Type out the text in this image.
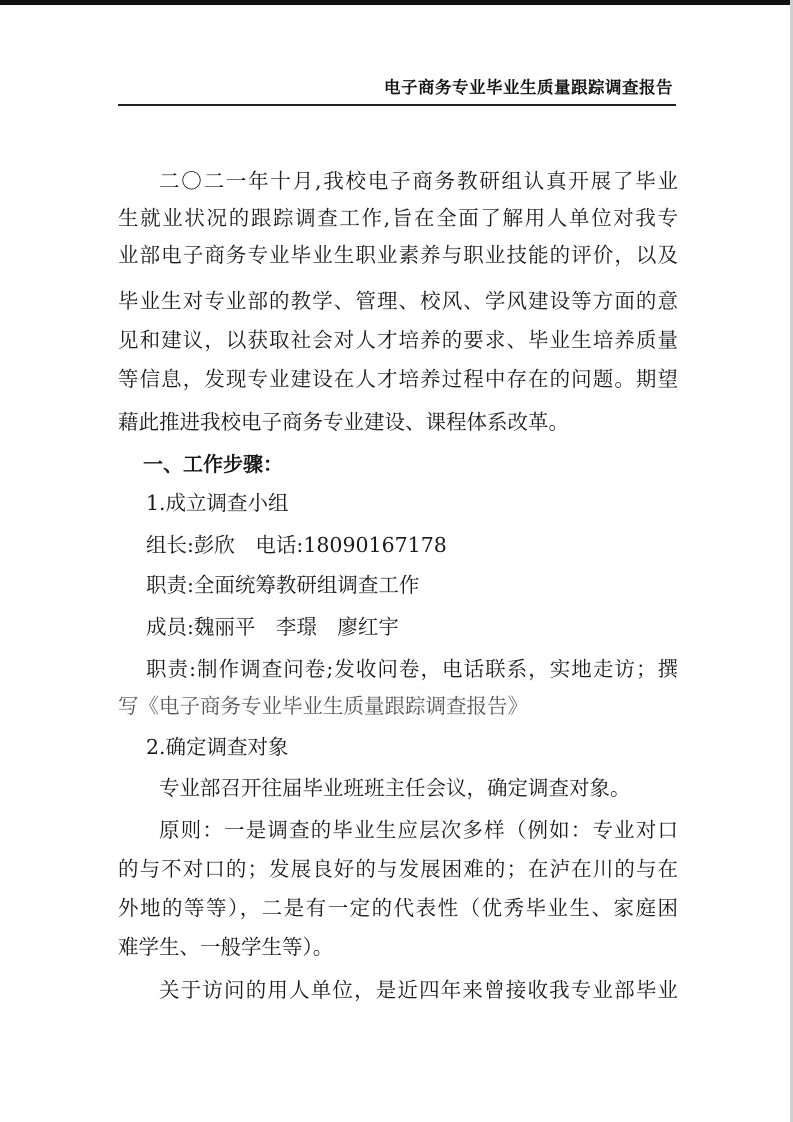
电子商务专业毕业生质量跟踪调查报告
二〇二一年十月,我校电子商务教研组认真开展了毕业
生就业状况的跟踪调查工作,旨在全面了解用人单位对我专
业部电子商务专业毕业生职业素养与职业技能的评价，以及
毕业生对专业部的教学、管理、校风、学风建设等方面的意
见和建议，以获取社会对人才培养的要求、毕业生培养质量
等信息，发现专业建设在人才培养过程中存在的问题。期望
藉此推进我校电子商务专业建设、课程体系改革。
一、工作步骤：
1.成立调查小组
组长:彭欣　电话:18090167178
职责:全面统筹教研组调查工作
成员:魏丽平　李璟　廖红宇
职责:制作调查问卷;发收问卷，电话联系，实地走访；撰
写《电子商务专业毕业生质量跟踪调查报告》
2.确定调查对象
专业部召开往届毕业班班主任会议，确定调查对象。
原则：一是调查的毕业生应层次多样（例如：专业对口
的与不对口的；发展良好的与发展困难的；在泸在川的与在
外地的等等），二是有一定的代表性（优秀毕业生、家庭困
难学生、一般学生等）。
关于访问的用人单位，是近四年来曾接收我专业部毕业
